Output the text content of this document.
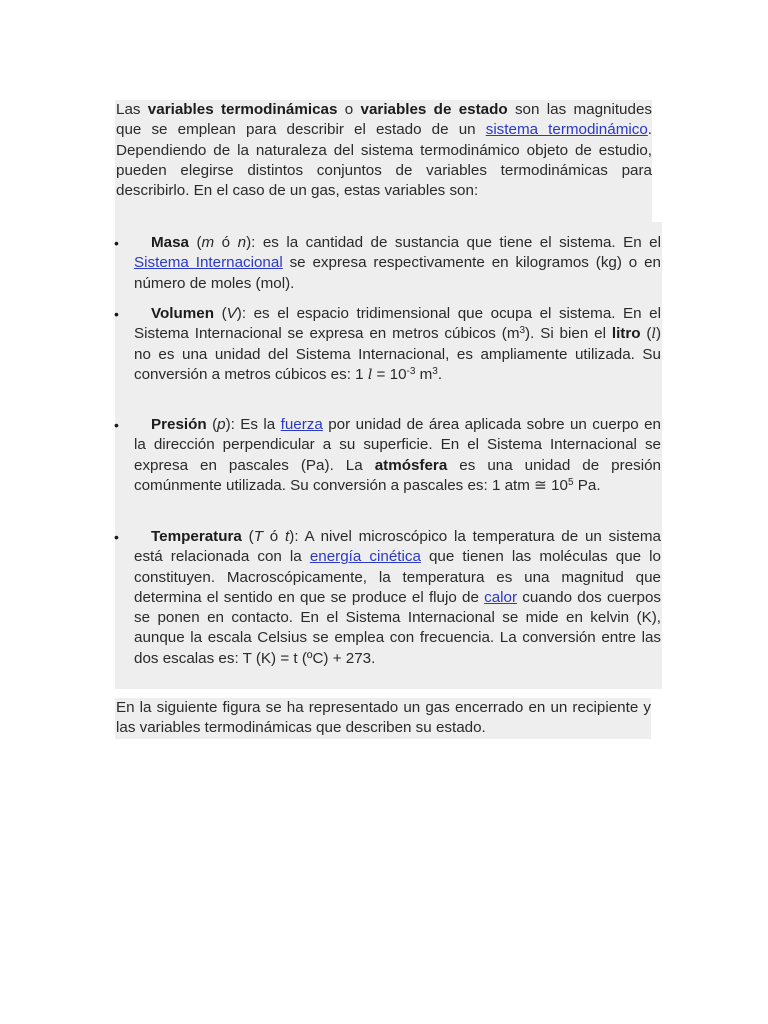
Las variables termodinámicas o variables de estado son las magnitudes que se emplean para describir el estado de un sistema termodinámico. Dependiendo de la naturaleza del sistema termodinámico objeto de estudio, pueden elegirse distintos conjuntos de variables termodinámicas para describirlo. En el caso de un gas, estas variables son:

• Masa (m ó n): es la cantidad de sustancia que tiene el sistema. En el Sistema Internacional se expresa respectivamente en kilogramos (kg) o en número de moles (mol).

• Volumen (V): es el espacio tridimensional que ocupa el sistema. En el Sistema Internacional se expresa en metros cúbicos $(m^3)$. Si bien el litro (l) no es una unidad del Sistema Internacional, es ampliamente utilizada. Su conversión a metros cúbicos es: 1 $l = 10^{-3}$ $m^3$.

• Presión (p): Es la fuerza por unidad de área aplicada sobre un cuerpo en la dirección perpendicular a su superficie. En el Sistema Internacional se expresa en pascales (Pa). La atmósfera es una unidad de presión comúnmente utilizada. Su conversión a pascales es: 1 atm ≅ $10^5$ Pa.

• Temperatura (T ó t): A nivel microscópico la temperatura de un sistema está relacionada con la energía cinética que tienen las moléculas que lo constituyen. Macroscópicamente, la temperatura es una magnitud que determina el sentido en que se produce el flujo de calor cuando dos cuerpos se ponen en contacto. En el Sistema Internacional se mide en kelvin (K), aunque la escala Celsius se emplea con frecuencia. La conversión entre las dos escalas es: T (K) = t (ºC) + 273.

En la siguiente figura se ha representado un gas encerrado en un recipiente y las variables termodinámicas que describen su estado.
